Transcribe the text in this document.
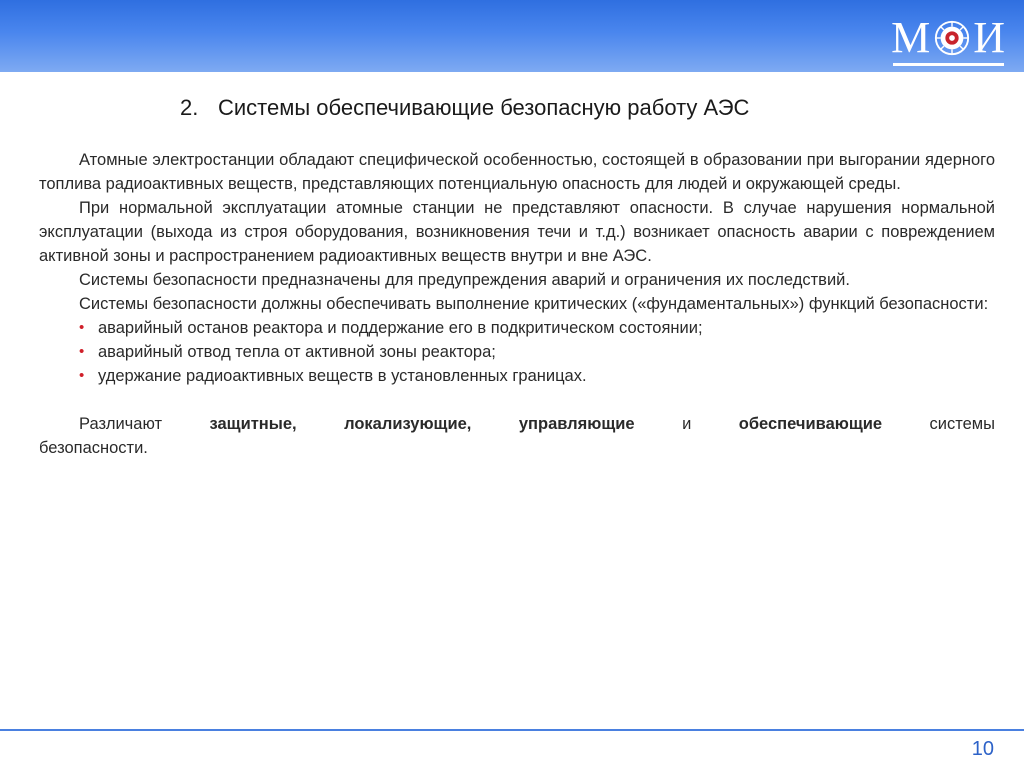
М И
2. Системы обеспечивающие безопасную работу АЭС

Атомные электростанции обладают специфической особенностью, состоящей в образовании при выгорании ядерного топлива радиоактивных веществ, представляющих потенциальную опасность для людей и окружающей среды.

При нормальной эксплуатации атомные станции не представляют опасности. В случае нарушения нормальной эксплуатации (выхода из строя оборудования, возникновения течи и т.д.) возникает опасность аварии с повреждением активной зоны и распространением радиоактивных веществ внутри и вне АЭС.

Системы безопасности предназначены для предупреждения аварий и ограничения их последствий.

Системы безопасности должны обеспечивать выполнение критических («фундаментальных») функций безопасности:

• аварийный останов реактора и поддержание его в подкритическом состоянии;
• аварийный отвод тепла от активной зоны реактора;
• удержание радиоактивных веществ в установленных границах.

Различают	защитные,	локализующие,	управляющие	и	обеспечивающие	системы

безопасности.

10
